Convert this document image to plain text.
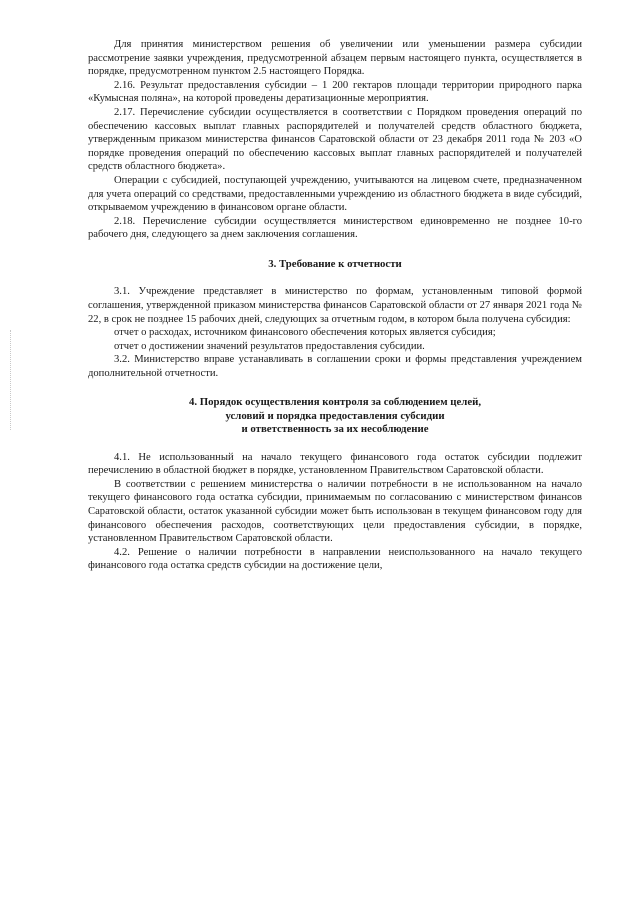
Для принятия министерством решения об увеличении или уменьшении размера субсидии рассмотрение заявки учреждения, предусмотренной абзацем первым настоящего пункта, осуществляется в порядке, предусмотренном пунктом 2.5 настоящего Порядка.

2.16. Результат предоставления субсидии – 1 200 гектаров площади территории природного парка «Кумысная поляна», на которой проведены дератизационные мероприятия.

2.17. Перечисление субсидии осуществляется в соответствии с Порядком проведения операций по обеспечению кассовых выплат главных распорядителей и получателей средств областного бюджета, утвержденным приказом министерства финансов Саратовской области от 23 декабря 2011 года № 203 «О порядке проведения операций по обеспечению кассовых выплат главных распорядителей и получателей средств областного бюджета».

Операции с субсидией, поступающей учреждению, учитываются на лицевом счете, предназначенном для учета операций со средствами, предоставленными учреждению из областного бюджета в виде субсидий, открываемом учреждению в финансовом органе области.

2.18. Перечисление субсидии осуществляется министерством единовременно не позднее 10-го рабочего дня, следующего за днем заключения соглашения.

3. Требование к отчетности

3.1. Учреждение представляет в министерство по формам, установленным типовой формой соглашения, утвержденной приказом министерства финансов Саратовской области от 27 января 2021 года № 22, в срок не позднее 15 рабочих дней, следующих за отчетным годом, в котором была получена субсидия:

отчет о расходах, источником финансового обеспечения которых является субсидия;

отчет о достижении значений результатов предоставления субсидии.

3.2. Министерство вправе устанавливать в соглашении сроки и формы представления учреждением дополнительной отчетности.

4. Порядок осуществления контроля за соблюдением целей,
условий и порядка предоставления субсидии
и ответственность за их несоблюдение

4.1. Не использованный на начало текущего финансового года остаток субсидии подлежит перечислению в областной бюджет в порядке, установленном Правительством Саратовской области.

В соответствии с решением министерства о наличии потребности в не использованном на начало текущего финансового года остатка субсидии, принимаемым по согласованию с министерством финансов Саратовской области, остаток указанной субсидии может быть использован в текущем финансовом году для финансового обеспечения расходов, соответствующих цели предоставления субсидии, в порядке, установленном Правительством Саратовской области.

4.2. Решение о наличии потребности в направлении неиспользованного на начало текущего финансового года остатка средств субсидии на достижение цели,
